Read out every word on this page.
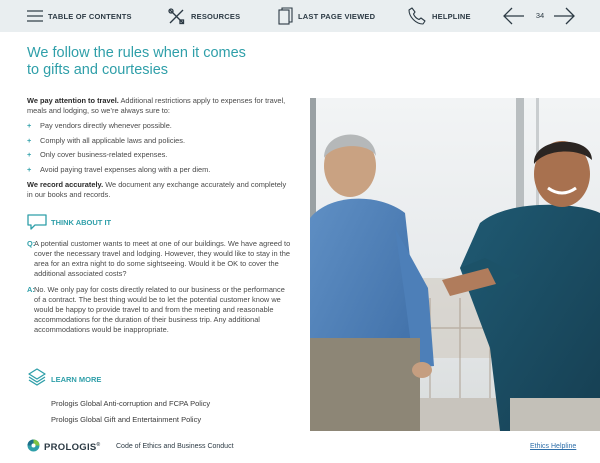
TABLE OF CONTENTS	RESOURCES	LAST PAGE VIEWED	HELPLINE	34
We follow the rules when it comes
to gifts and courtesies

We pay attention to travel. Additional restrictions apply to expenses for travel, meals and lodging, so we’re always sure to:

+ Pay vendors directly whenever possible.
+ Comply with all applicable laws and policies.
+ Only cover business-related expenses.
+ Avoid paying travel expenses along with a per diem.

We record accurately. We document any exchange accurately and completely in our books and records.

THINK ABOUT IT

Q:
A potential customer wants to meet at one of our buildings. We have agreed to cover the necessary travel and lodging. However, they would like to stay in the area for an extra night to do some sightseeing. Would it be OK to cover the additional associated costs?

A: No. We only pay for costs directly related to our business or the performance of a contract. The best thing would be to let the potential customer know we would be happy to provide travel to and from the meeting and reasonable accommodations for the duration of their business trip. Any additional accommodations would be inappropriate.

LEARN MORE
Prologis Global Anti-corruption and FCPA Policy
Prologis Global Gift and Entertainment Policy
PROLOGIS® Code of Ethics and Business Conduct	Ethics Helpline
